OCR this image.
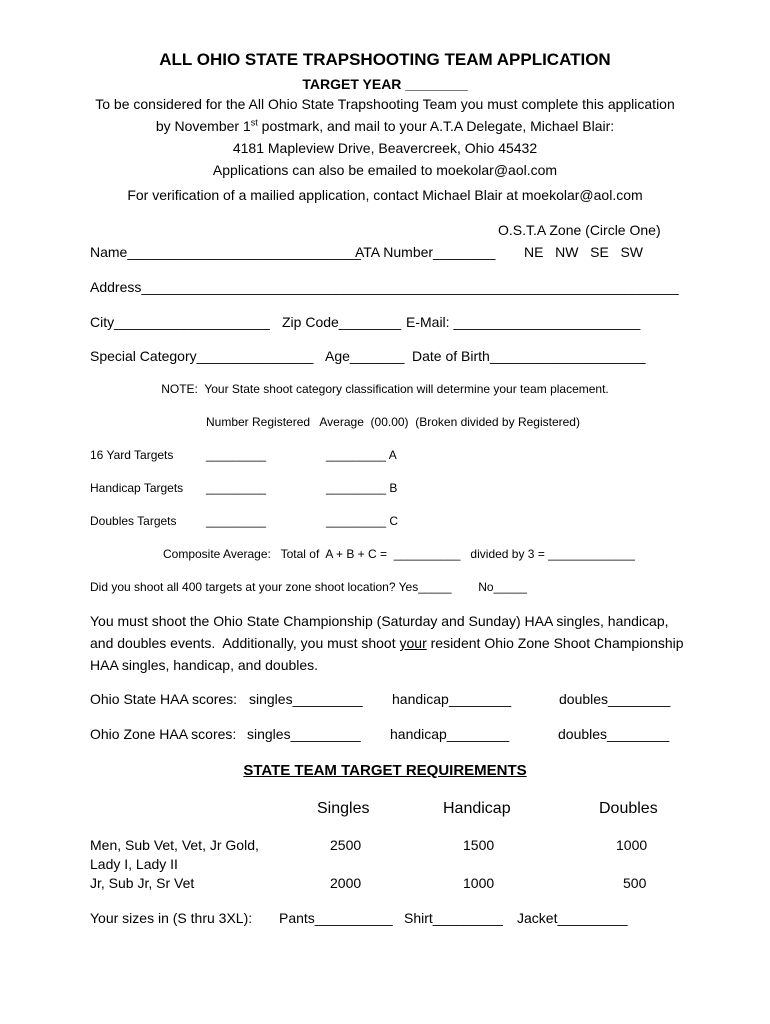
ALL OHIO STATE TRAPSHOOTING TEAM APPLICATION
TARGET YEAR ________
To be considered for the All Ohio State Trapshooting Team you must complete this application
by November 1st postmark, and mail to your A.T.A Delegate, Michael Blair:
4181 Mapleview Drive, Beavercreek, Ohio 45432
Applications can also be emailed to moekolar@aol.com
For verification of a mailied application, contact Michael Blair at moekolar@aol.com
O.S.T.A Zone (Circle One)
NE   NW   SE   SW
Name______________________________
ATA Number________
Address_____________________________________________________________________
City____________________ Zip Code________ E-Mail: ________________________
Special Category_______________ Age_______ Date of Birth____________________
NOTE:  Your State shoot category classification will determine your team placement.
Number Registered   Average  (00.00)  (Broken divided by Registered)
16 Yard Targets	_________	_________ A
Handicap Targets _________	_________ B
Doubles Targets _________	_________ C
Composite Average:   Total of  A + B + C =  __________   divided by 3 = _____________
Did you shoot all 400 targets at your zone shoot location? Yes_____        No_____
You must shoot the Ohio State Championship (Saturday and Sunday) HAA singles, handicap,
and doubles events.  Additionally, you must shoot your resident Ohio Zone Shoot Championship
HAA singles, handicap, and doubles.
Ohio State HAA scores: singles_________ handicap________	doubles________
Ohio Zone HAA scores: singles_________ handicap________	doubles________
STATE TEAM TARGET REQUIREMENTS
Singles	Handicap	Doubles
Men, Sub Vet, Vet, Jr Gold,
Lady I, Lady II
2500	1500	1000
Jr, Sub Jr, Sr Vet	2000	1000	500
Your sizes in (S thru 3XL): Pants__________ Shirt_________ Jacket_________
